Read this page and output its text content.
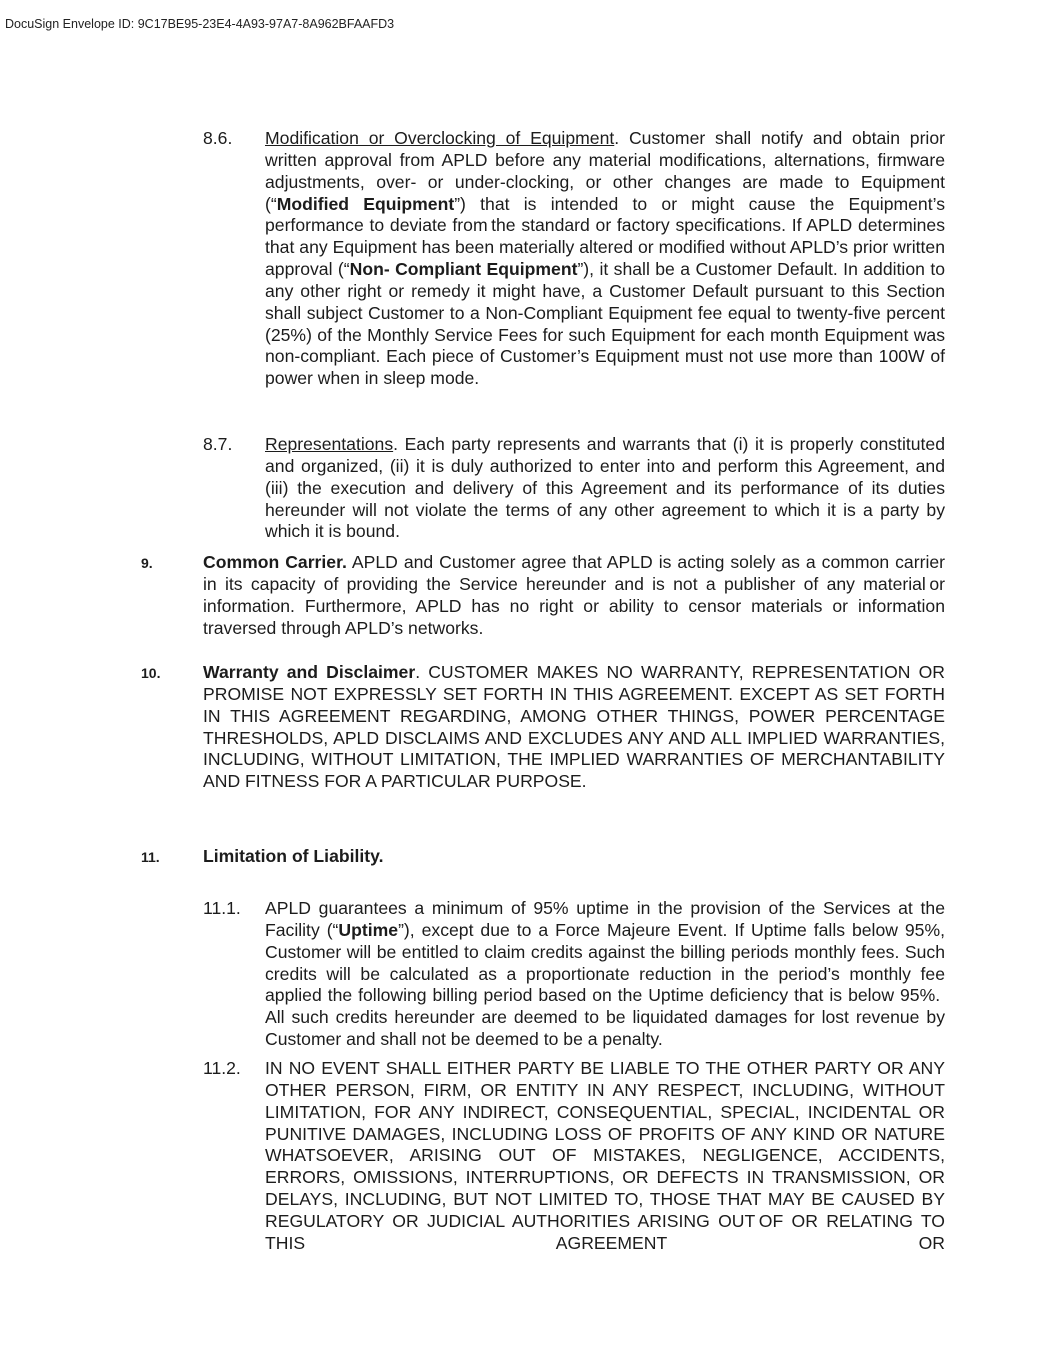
DocuSign Envelope ID: 9C17BE95-23E4-4A93-97A7-8A962BFAAFD3
8.6. Modification or Overclocking of Equipment. Customer shall notify and obtain prior written approval from APLD before any material modifications, alternations, firmware adjustments, over- or under-clocking, or other changes are made to Equipment (“Modified Equipment”) that is intended to or might cause the Equipment’s performance to deviate from the standard or factory specifications. If APLD determines that any Equipment has been materially altered or modified without APLD’s prior written approval (“Non- Compliant Equipment”), it shall be a Customer Default. In addition to any other right or remedy it might have, a Customer Default pursuant to this Section shall subject Customer to a Non-Compliant Equipment fee equal to twenty-five percent (25%) of the Monthly Service Fees for such Equipment for each month Equipment was non-compliant. Each piece of Customer’s Equipment must not use more than 100W of power when in sleep mode.
8.7. Representations. Each party represents and warrants that (i) it is properly constituted and organized, (ii) it is duly authorized to enter into and perform this Agreement, and (iii) the execution and delivery of this Agreement and its performance of its duties hereunder will not violate the terms of any other agreement to which it is a party by which it is bound.
9.	Common Carrier. APLD and Customer agree that APLD is acting solely as a common carrier in its capacity of providing the Service hereunder and is not a publisher of any material or information. Furthermore, APLD has no right or ability to censor materials or information traversed through APLD’s networks.
10. Warranty and Disclaimer. CUSTOMER MAKES NO WARRANTY, REPRESENTATION OR PROMISE NOT EXPRESSLY SET FORTH IN THIS AGREEMENT. EXCEPT AS SET FORTH IN THIS AGREEMENT REGARDING, AMONG OTHER THINGS, POWER PERCENTAGE THRESHOLDS, APLD DISCLAIMS AND EXCLUDES ANY AND ALL IMPLIED WARRANTIES, INCLUDING, WITHOUT LIMITATION, THE IMPLIED WARRANTIES OF MERCHANTABILITY AND FITNESS FOR A PARTICULAR PURPOSE.
11. Limitation of Liability.
11.1. APLD guarantees a minimum of 95% uptime in the provision of the Services at the Facility (“Uptime”), except due to a Force Majeure Event. If Uptime falls below 95%, Customer will be entitled to claim credits against the billing periods monthly fees. Such credits will be calculated as a proportionate reduction in the period’s monthly fee applied the following billing period based on the Uptime deficiency that is below 95%.  All such credits hereunder are deemed to be liquidated damages for lost revenue by Customer and shall not be deemed to be a penalty.
11.2. IN NO EVENT SHALL EITHER PARTY BE LIABLE TO THE OTHER PARTY OR ANY OTHER PERSON, FIRM, OR ENTITY IN ANY RESPECT, INCLUDING, WITHOUT LIMITATION, FOR ANY INDIRECT, CONSEQUENTIAL, SPECIAL, INCIDENTAL OR PUNITIVE DAMAGES, INCLUDING LOSS OF PROFITS OF ANY KIND OR NATURE WHATSOEVER, ARISING OUT OF MISTAKES, NEGLIGENCE, ACCIDENTS, ERRORS, OMISSIONS, INTERRUPTIONS, OR DEFECTS IN TRANSMISSION, OR DELAYS, INCLUDING, BUT NOT LIMITED TO, THOSE THAT MAY BE CAUSED BY REGULATORY OR JUDICIAL AUTHORITIES ARISING OUT OF OR RELATING TO THIS AGREEMENT OR
